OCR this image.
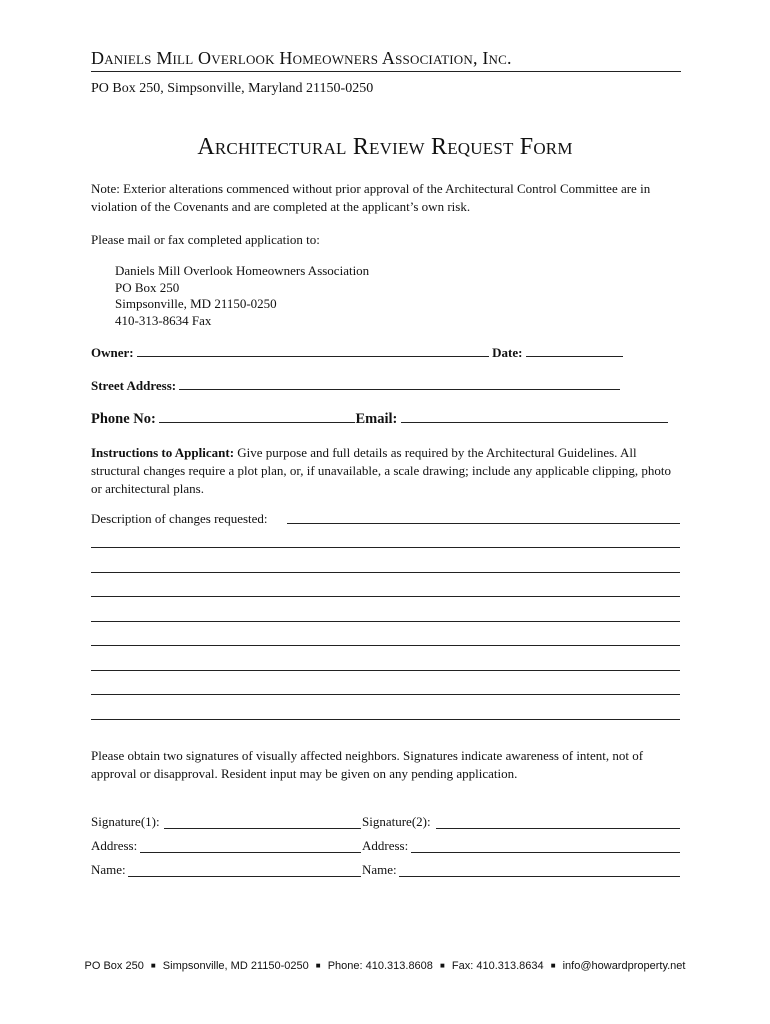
Daniels Mill Overlook Homeowners Association, Inc.
PO Box 250, Simpsonville, Maryland 21150-0250
Architectural Review Request Form
Note: Exterior alterations commenced without prior approval of the Architectural Control Committee are in violation of the Covenants and are completed at the applicant’s own risk.
Please mail or fax completed application to:
Daniels Mill Overlook Homeowners Association
PO Box 250
Simpsonville, MD 21150-0250
410-313-8634 Fax
Owner:	Date:
Street Address:
Phone No:	Email:
Instructions to Applicant: Give purpose and full details as required by the Architectural Guidelines. All structural changes require a plot plan, or, if unavailable, a scale drawing; include any applicable clipping, photo or architectural plans.
Description of changes requested:
Please obtain two signatures of visually affected neighbors. Signatures indicate awareness of intent, not of approval or disapproval. Resident input may be given on any pending application.
Signature(1):	Signature(2):
Address:	Address:
Name:	Name:
PO Box 250 ■ Simpsonville, MD 21150-0250 ■ Phone: 410.313.8608 ■ Fax: 410.313.8634 ■ info@howardproperty.net
